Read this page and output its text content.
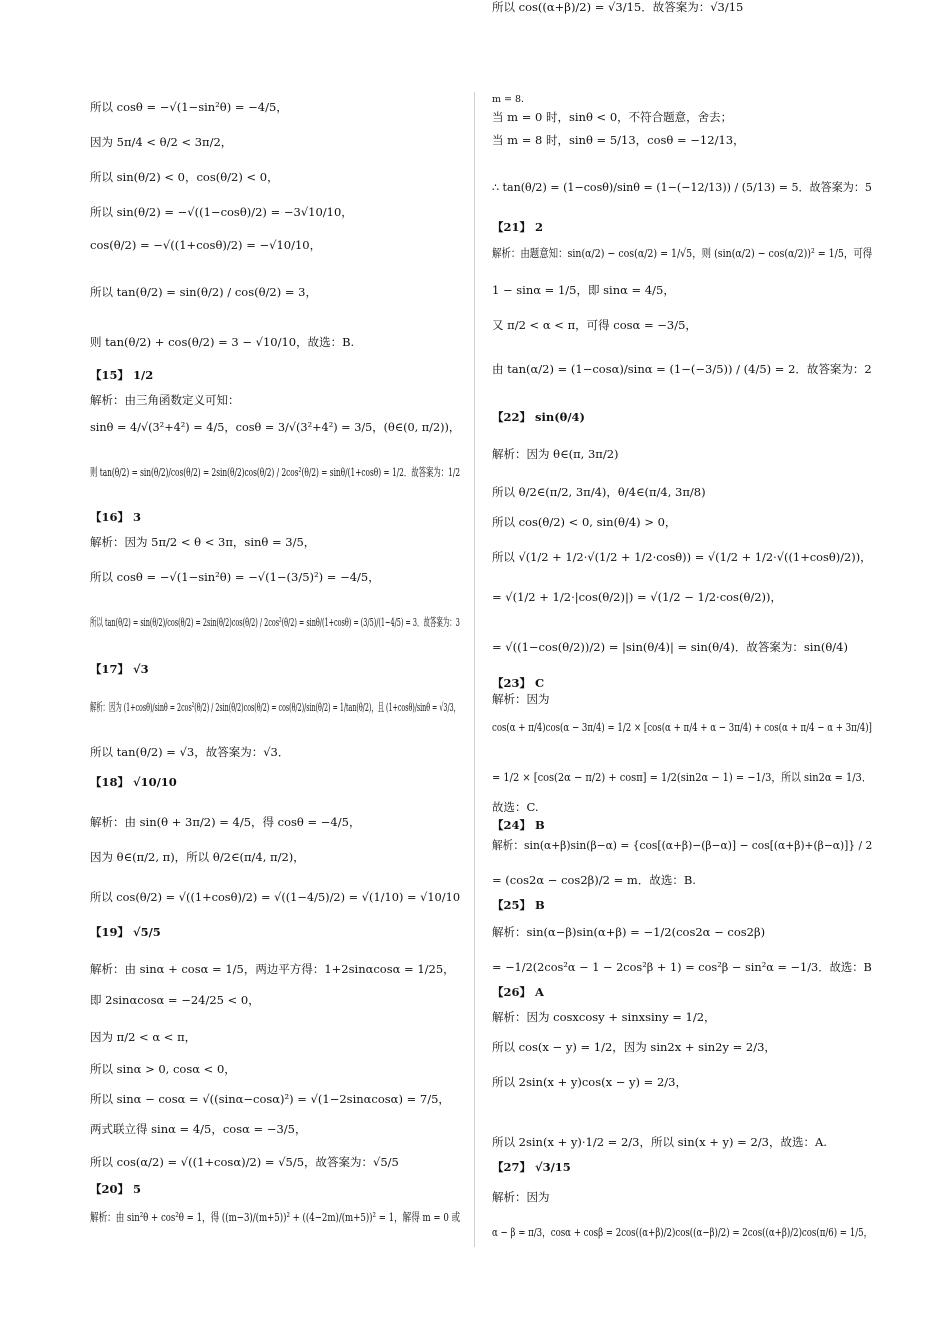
所以 cosθ = −√(1−sin²θ) = −4/5，
因为 5π/4 < θ/2 < 3π/2，
所以 sin(θ/2) < 0，cos(θ/2) < 0，
所以 sin(θ/2) = −√((1−cosθ)/2) = −3√10/10，
cos(θ/2) = −√((1+cosθ)/2) = −√10/10，
所以 tan(θ/2) = sin(θ/2) / cos(θ/2) = 3，
则 tan(θ/2) + cos(θ/2) = 3 − √10/10，故选：B.
【15】 1/2
解析：由三角函数定义可知：
sinθ = 4/√(3²+4²) = 4/5，cosθ = 3/√(3²+4²) = 3/5，(θ∈(0, π/2))，
则 tan(θ/2) = sin(θ/2)/cos(θ/2) = 2sin(θ/2)cos(θ/2) / 2cos²(θ/2) = sinθ/(1+cosθ) = 1/2．故答案为：1/2
【16】 3
解析：因为 5π/2 < θ < 3π，sinθ = 3/5，
所以 cosθ = −√(1−sin²θ) = −√(1−(3/5)²) = −4/5，
所以 tan(θ/2) = sin(θ/2)/cos(θ/2) = 2sin(θ/2)cos(θ/2) / 2cos²(θ/2) = sinθ/(1+cosθ) = (3/5)/(1−4/5) = 3．故答案为：3
【17】 √3
解析：因为 (1+cosθ)/sinθ = 2cos²(θ/2) / 2sin(θ/2)cos(θ/2) = cos(θ/2)/sin(θ/2) = 1/tan(θ/2)，且 (1+cosθ)/sinθ = √3/3，
所以 tan(θ/2) = √3，故答案为：√3．
【18】 √10/10
解析：由 sin(θ + 3π/2) = 4/5，得 cosθ = −4/5，
因为 θ∈(π/2, π)，所以 θ/2∈(π/4, π/2)，
所以 cos(θ/2) = √((1+cosθ)/2) = √((1−4/5)/2) = √(1/10) = √10/10
【19】 √5/5
解析：由 sinα + cosα = 1/5，两边平方得：1+2sinαcosα = 1/25，
即 2sinαcosα = −24/25 < 0，
因为 π/2 < α < π，
所以 sinα > 0, cosα < 0，
所以 sinα − cosα = √((sinα−cosα)²) = √(1−2sinαcosα) = 7/5，
两式联立得 sinα = 4/5，cosα = −3/5，
所以 cos(α/2) = √((1+cosα)/2) = √5/5，故答案为：√5/5
【20】 5
解析：由 sin²θ + cos²θ = 1，得 ((m−3)/(m+5))² + ((4−2m)/(m+5))² = 1，解得 m = 0 或
m = 8．
当 m = 0 时，sinθ < 0，不符合题意，舍去；
当 m = 8 时，sinθ = 5/13，cosθ = −12/13，
∴ tan(θ/2) = (1−cosθ)/sinθ = (1−(−12/13)) / (5/13) = 5．故答案为：5
【21】 2
解析：由题意知：sin(α/2) − cos(α/2) = 1/√5，则 (sin(α/2) − cos(α/2))² = 1/5，可得
1 − sinα = 1/5，即 sinα = 4/5，
又 π/2 < α < π，可得 cosα = −3/5，
由 tan(α/2) = (1−cosα)/sinα = (1−(−3/5)) / (4/5) = 2．故答案为：2
【22】 sin(θ/4)
解析：因为 θ∈(π, 3π/2)
所以 θ/2∈(π/2, 3π/4)，θ/4∈(π/4, 3π/8)
所以 cos(θ/2) < 0, sin(θ/4) > 0，
所以 √(1/2 + 1/2·√(1/2 + 1/2·cosθ)) = √(1/2 + 1/2·√((1+cosθ)/2))，
= √(1/2 + 1/2·|cos(θ/2)|) = √(1/2 − 1/2·cos(θ/2))，
= √((1−cos(θ/2))/2) = |sin(θ/4)| = sin(θ/4)．故答案为：sin(θ/4)
【23】 C
解析：因为
cos(α + π/4)cos(α − 3π/4) = 1/2 × [cos(α + π/4 + α − 3π/4) + cos(α + π/4 − α + 3π/4)]
= 1/2 × [cos(2α − π/2) + cosπ] = 1/2(sin2α − 1) = −1/3，所以 sin2α = 1/3．
故选：C.
【24】 B
解析：sin(α+β)sin(β−α) = {cos[(α+β)−(β−α)] − cos[(α+β)+(β−α)]} / 2
= (cos2α − cos2β)/2 = m．故选：B.
【25】 B
解析：sin(α−β)sin(α+β) = −1/2(cos2α − cos2β)
= −1/2(2cos²α − 1 − 2cos²β + 1) = cos²β − sin²α = −1/3．故选：B
【26】 A
解析：因为 cosxcosy + sinxsiny = 1/2，
所以 cos(x − y) = 1/2，因为 sin2x + sin2y = 2/3，
所以 2sin(x + y)cos(x − y) = 2/3，
所以 2sin(x + y)·1/2 = 2/3，所以 sin(x + y) = 2/3，故选：A.
【27】 √3/15
解析：因为
α − β = π/3，cosα + cosβ = 2cos((α+β)/2)cos((α−β)/2) = 2cos((α+β)/2)cos(π/6) = 1/5，
所以 cos((α+β)/2) = √3/15．故答案为：√3/15
